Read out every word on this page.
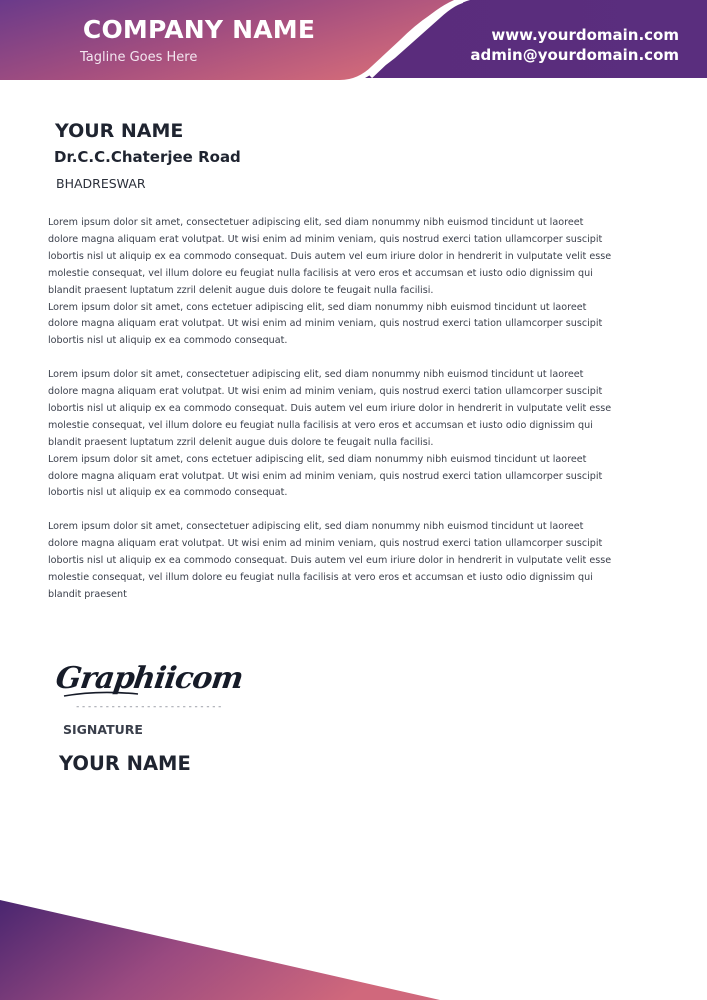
COMPANY NAME
Tagline Goes Here
www.yourdomain.com
admin@yourdomain.com
YOUR NAME
Dr.C.C.Chaterjee Road
BHADRESWAR

Lorem ipsum dolor sit amet, consectetuer adipiscing elit, sed diam nonummy nibh euismod tincidunt ut laoreet

dolore magna aliquam erat volutpat. Ut wisi enim ad minim veniam, quis nostrud exerci tation ullamcorper suscipit

lobortis nisl ut aliquip ex ea commodo consequat. Duis autem vel eum iriure dolor in hendrerit in vulputate velit esse

molestie consequat, vel illum dolore eu feugiat nulla facilisis at vero eros et accumsan et iusto odio dignissim qui

blandit praesent luptatum zzril delenit augue duis dolore te feugait nulla facilisi.

Lorem ipsum dolor sit amet, cons ectetuer adipiscing elit, sed diam nonummy nibh euismod tincidunt ut laoreet

dolore magna aliquam erat volutpat. Ut wisi enim ad minim veniam, quis nostrud exerci tation ullamcorper suscipit

lobortis nisl ut aliquip ex ea commodo consequat.

Lorem ipsum dolor sit amet, consectetuer adipiscing elit, sed diam nonummy nibh euismod tincidunt ut laoreet

dolore magna aliquam erat volutpat. Ut wisi enim ad minim veniam, quis nostrud exerci tation ullamcorper suscipit

lobortis nisl ut aliquip ex ea commodo consequat. Duis autem vel eum iriure dolor in hendrerit in vulputate velit esse

molestie consequat, vel illum dolore eu feugiat nulla facilisis at vero eros et accumsan et iusto odio dignissim qui

blandit praesent luptatum zzril delenit augue duis dolore te feugait nulla facilisi.

Lorem ipsum dolor sit amet, cons ectetuer adipiscing elit, sed diam nonummy nibh euismod tincidunt ut laoreet

dolore magna aliquam erat volutpat. Ut wisi enim ad minim veniam, quis nostrud exerci tation ullamcorper suscipit

lobortis nisl ut aliquip ex ea commodo consequat.

Lorem ipsum dolor sit amet, consectetuer adipiscing elit, sed diam nonummy nibh euismod tincidunt ut laoreet

dolore magna aliquam erat volutpat. Ut wisi enim ad minim veniam, quis nostrud exerci tation ullamcorper suscipit

lobortis nisl ut aliquip ex ea commodo consequat. Duis autem vel eum iriure dolor in hendrerit in vulputate velit esse

molestie consequat, vel illum dolore eu feugiat nulla facilisis at vero eros et accumsan et iusto odio dignissim qui

blandit praesent

Graphiicom
-------------------------
SIGNATURE
YOUR NAME
